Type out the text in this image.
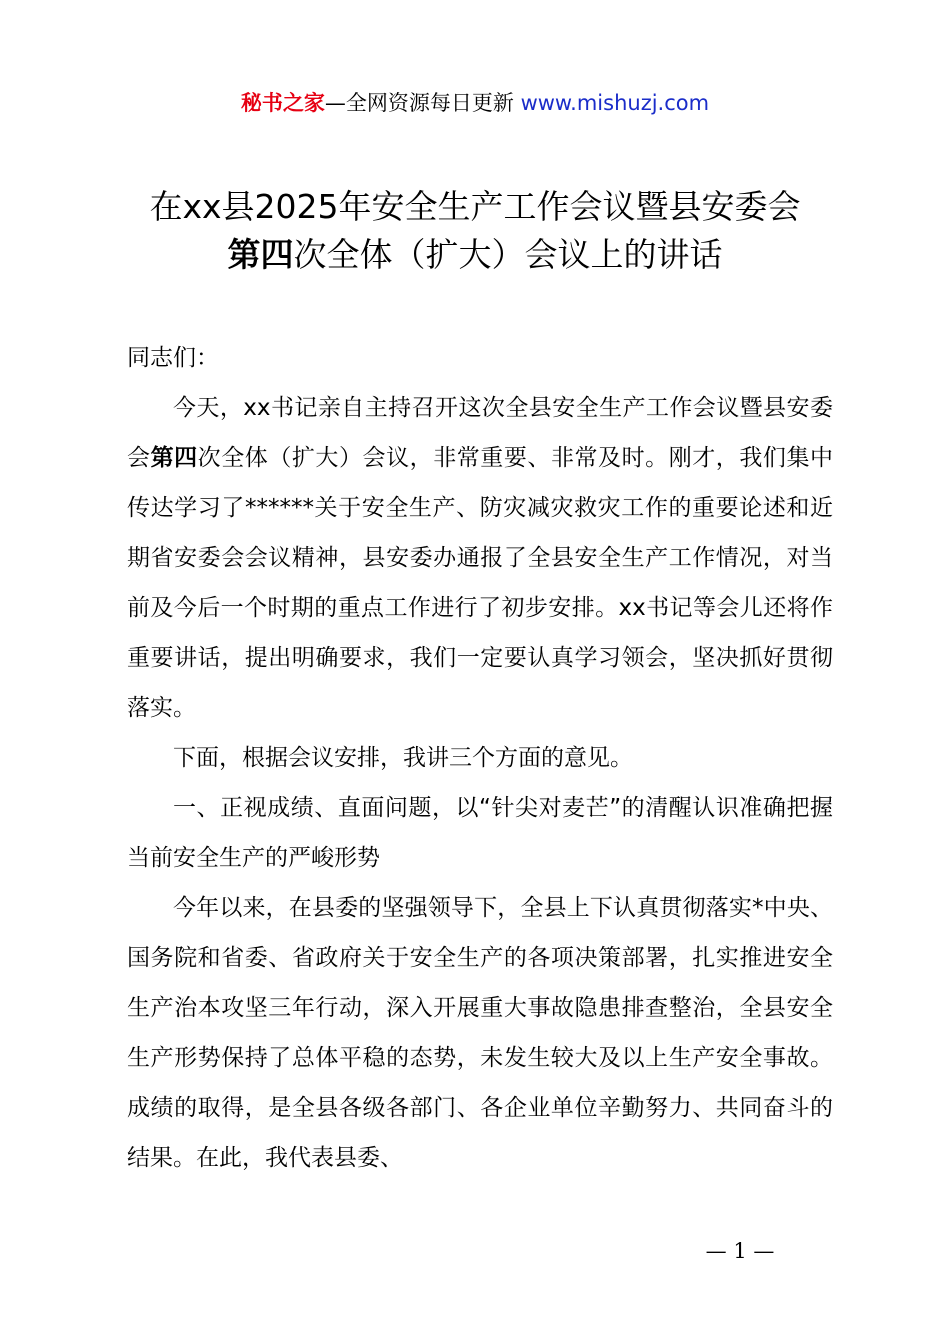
秘书之家—全网资源每日更新 www.mishuzj.com
在xx县2025年安全生产工作会议暨县安委会
第四次全体（扩大）会议上的讲话

同志们：

今天，xx书记亲自主持召开这次全县安全生产工作会议暨县安委会第四次全体（扩大）会议，非常重要、非常及时。刚才，我们集中传达学习了******关于安全生产、防灾减灾救灾工作的重要论述和近期省安委会会议精神，县安委办通报了全县安全生产工作情况，对当前及今后一个时期的重点工作进行了初步安排。xx书记等会儿还将作重要讲话，提出明确要求，我们一定要认真学习领会，坚决抓好贯彻落实。

下面，根据会议安排，我讲三个方面的意见。

一、正视成绩、直面问题，以“针尖对麦芒”的清醒认识准确把握当前安全生产的严峻形势

今年以来，在县委的坚强领导下，全县上下认真贯彻落实*中央、国务院和省委、省政府关于安全生产的各项决策部署，扎实推进安全生产治本攻坚三年行动，深入开展重大事故隐患排查整治，全县安全生产形势保持了总体平稳的态势，未发生较大及以上生产安全事故。成绩的取得，是全县各级各部门、各企业单位辛勤努力、共同奋斗的结果。在此，我代表县委、

— 1 —
